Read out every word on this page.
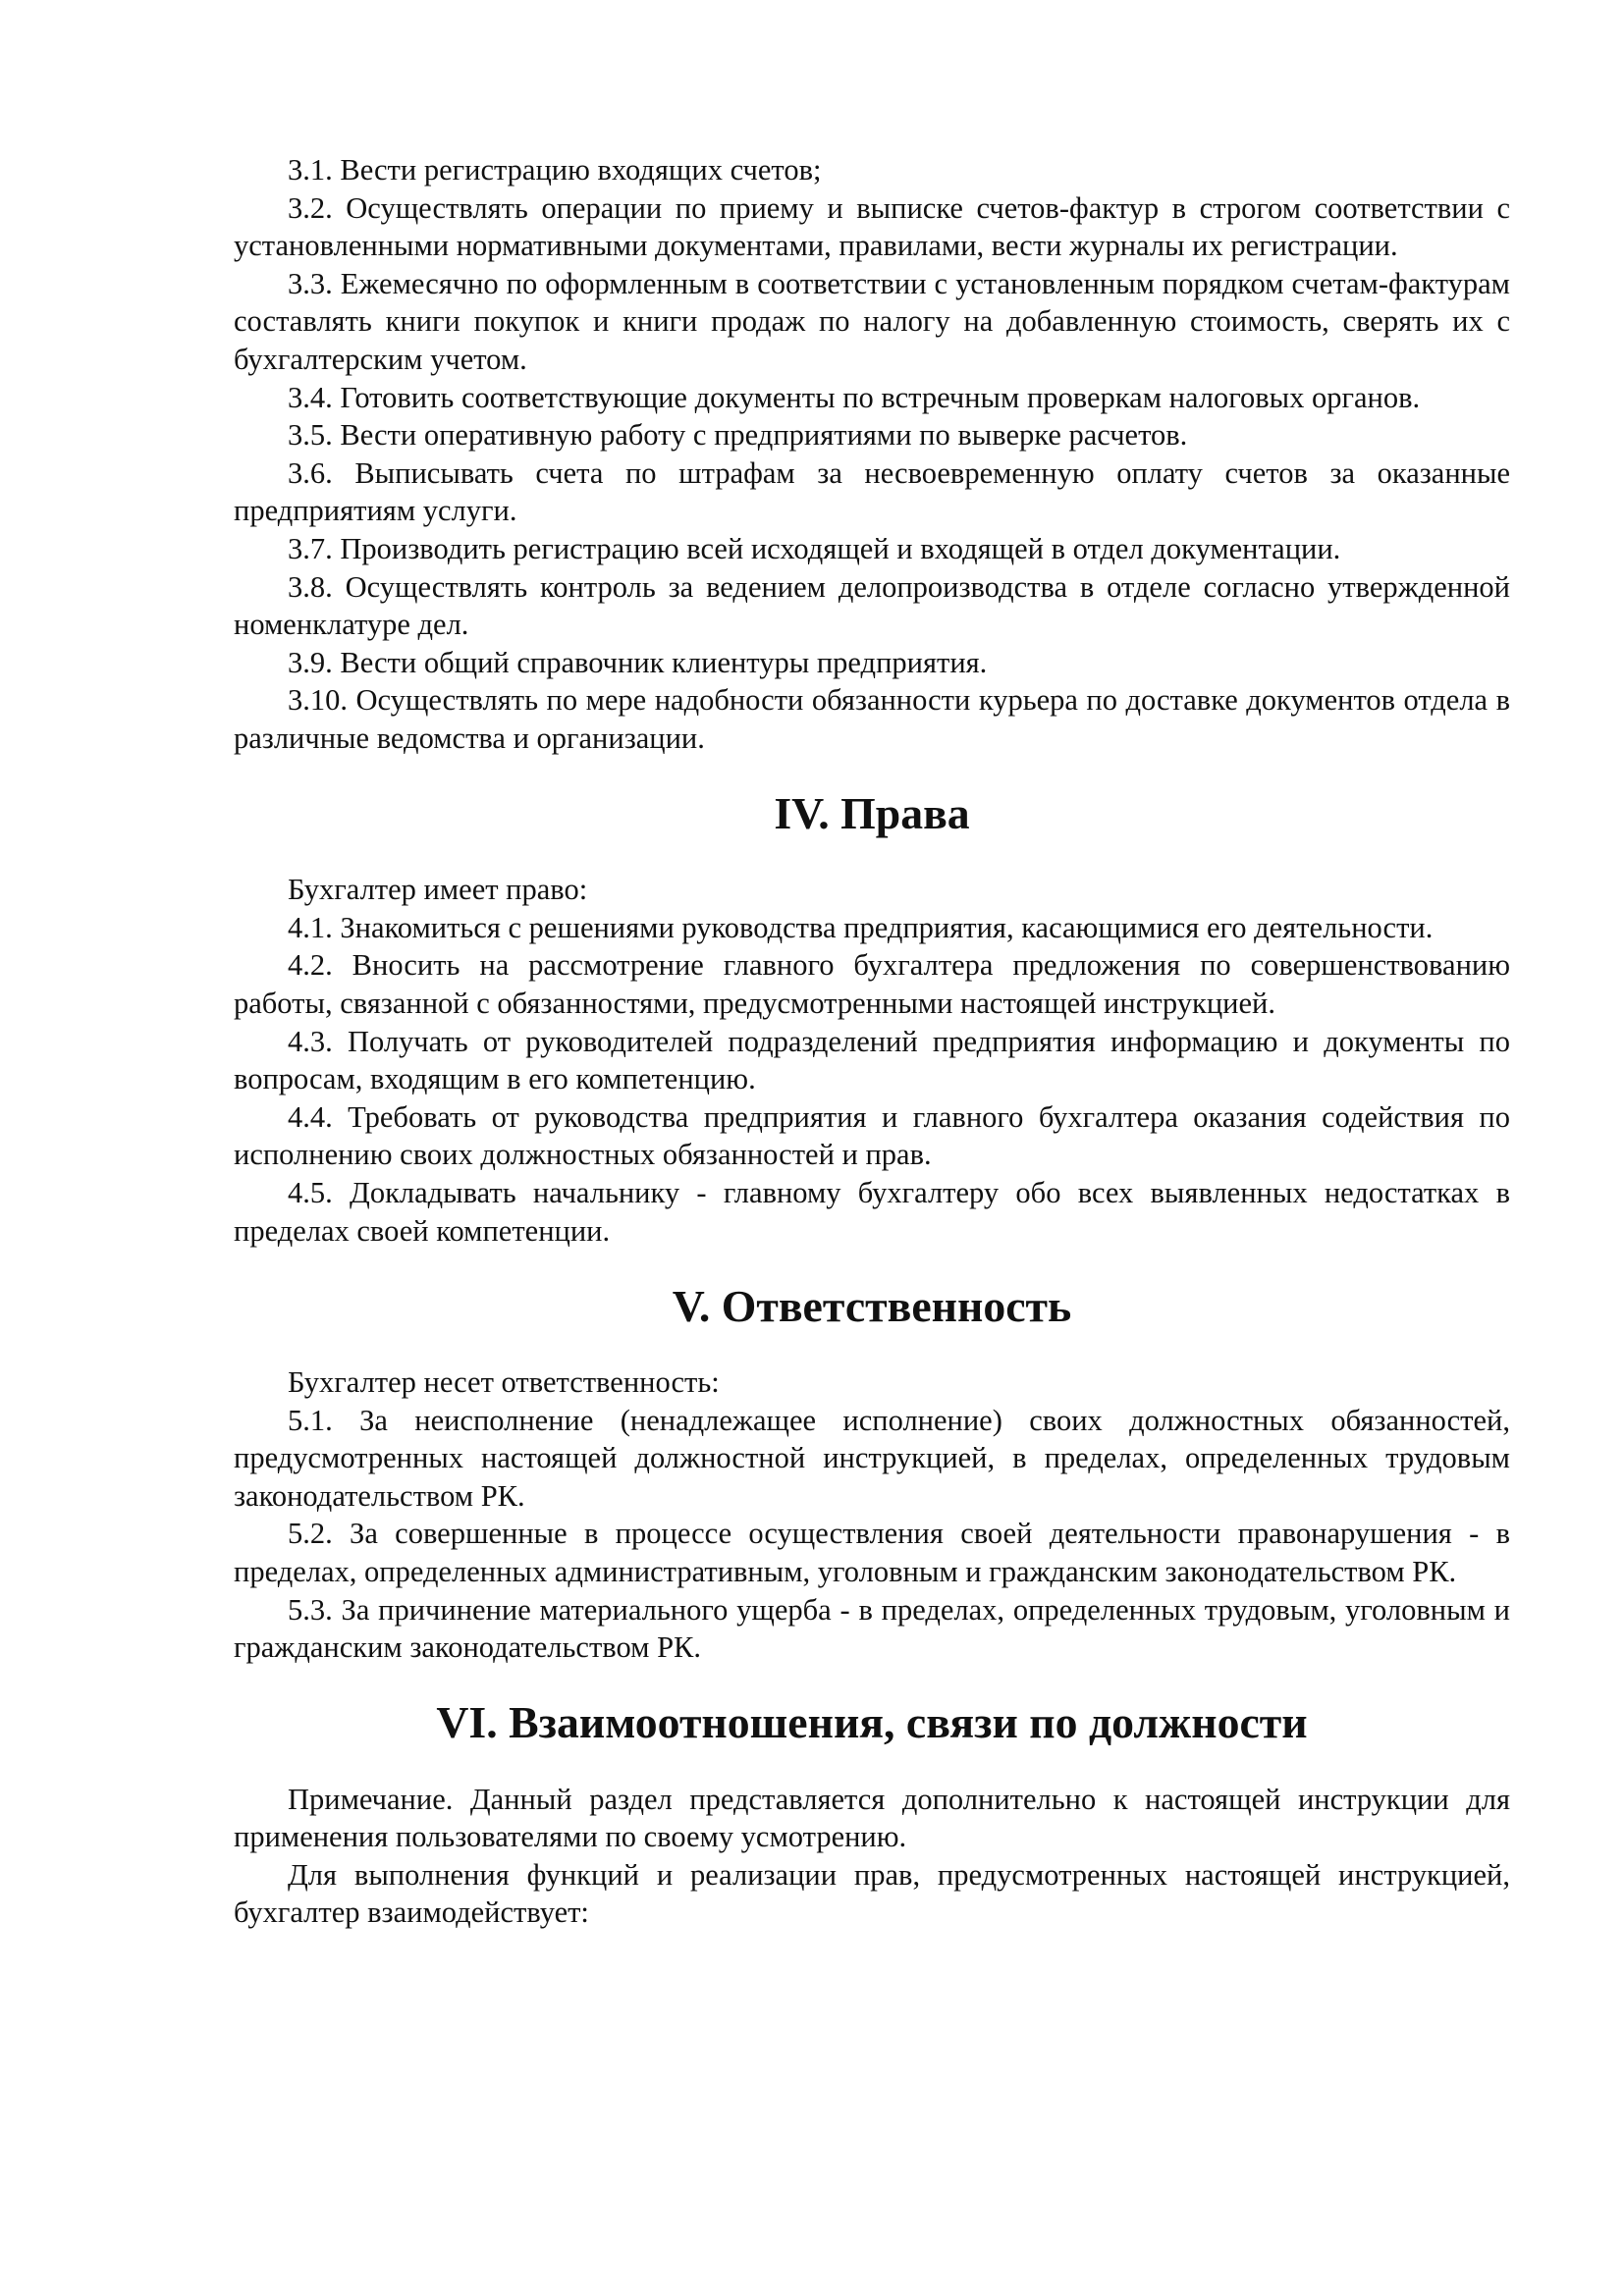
3.1. Вести регистрацию входящих счетов;

3.2. Осуществлять операции по приему и выписке счетов-фактур в строгом соответствии с установленными нормативными документами, правилами, вести журналы их регистрации.

3.3. Ежемесячно по оформленным в соответствии с установленным порядком счетам-фактурам составлять книги покупок и книги продаж по налогу на добавленную стоимость, сверять их с бухгалтерским учетом.

3.4. Готовить соответствующие документы по встречным проверкам налоговых органов.

3.5. Вести оперативную работу с предприятиями по выверке расчетов.

3.6. Выписывать счета по штрафам за несвоевременную оплату счетов за оказанные предприятиям услуги.

3.7. Производить регистрацию всей исходящей и входящей в отдел документации.

3.8. Осуществлять контроль за ведением делопроизводства в отделе согласно утвержденной номенклатуре дел.

3.9. Вести общий справочник клиентуры предприятия.

3.10. Осуществлять по мере надобности обязанности курьера по доставке документов отдела в различные ведомства и организации.

IV. Права

Бухгалтер имеет право:

4.1. Знакомиться с решениями руководства предприятия, касающимися его деятельности.

4.2. Вносить на рассмотрение главного бухгалтера предложения по совершенствованию работы, связанной с обязанностями, предусмотренными настоящей инструкцией.

4.3. Получать от руководителей подразделений предприятия информацию и документы по вопросам, входящим в его компетенцию.

4.4. Требовать от руководства предприятия и главного бухгалтера оказания содействия по исполнению своих должностных обязанностей и прав.

4.5. Докладывать начальнику - главному бухгалтеру обо всех выявленных недостатках в пределах своей компетенции.

V. Ответственность

Бухгалтер несет ответственность:

5.1. За неисполнение (ненадлежащее исполнение) своих должностных обязанностей, предусмотренных настоящей должностной инструкцией, в пределах, определенных трудовым законодательством РК.

5.2. За совершенные в процессе осуществления своей деятельности правонарушения - в пределах, определенных административным, уголовным и гражданским законодательством РК.

5.3. За причинение материального ущерба - в пределах, определенных трудовым, уголовным и гражданским законодательством РК.

VI. Взаимоотношения, связи по должности

Примечание. Данный раздел представляется дополнительно к настоящей инструкции для применения пользователями по своему усмотрению.

Для выполнения функций и реализации прав, предусмотренных настоящей инструкцией, бухгалтер взаимодействует:
